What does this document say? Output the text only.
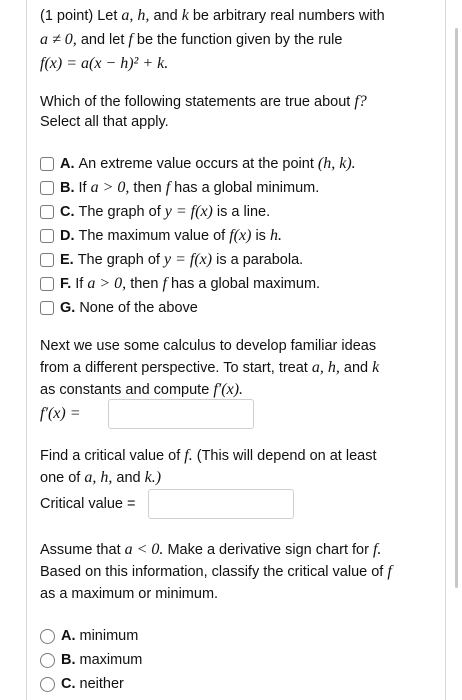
(1 point) Let a, h, and k be arbitrary real numbers with
a ≠ 0, and let f be the function given by the rule
f(x) = a(x − h)² + k.
Which of the following statements are true about f?
Select all that apply.
A. An extreme value occurs at the point
(h, k).
B. If
a > 0,
then
f
has a global minimum.
C. The graph of
y = f(x)
is a line.
D. The maximum value of
f(x)
is
h.
E. The graph of
y = f(x)
is a parabola.
F. If
a > 0,
then
f
has a global maximum.
G. None of the above
Next we use some calculus to develop familiar ideas
from a different perspective. To start, treat a, h, and k
as constants and compute f′(x).
f′(x) =
Find a critical value of f. (This will depend on at least
one of a, h, and k.)
Critical value =
Assume that a < 0. Make a derivative sign chart for f.
Based on this information, classify the critical value of f
as a maximum or minimum.
A. minimum
B. maximum
C. neither
